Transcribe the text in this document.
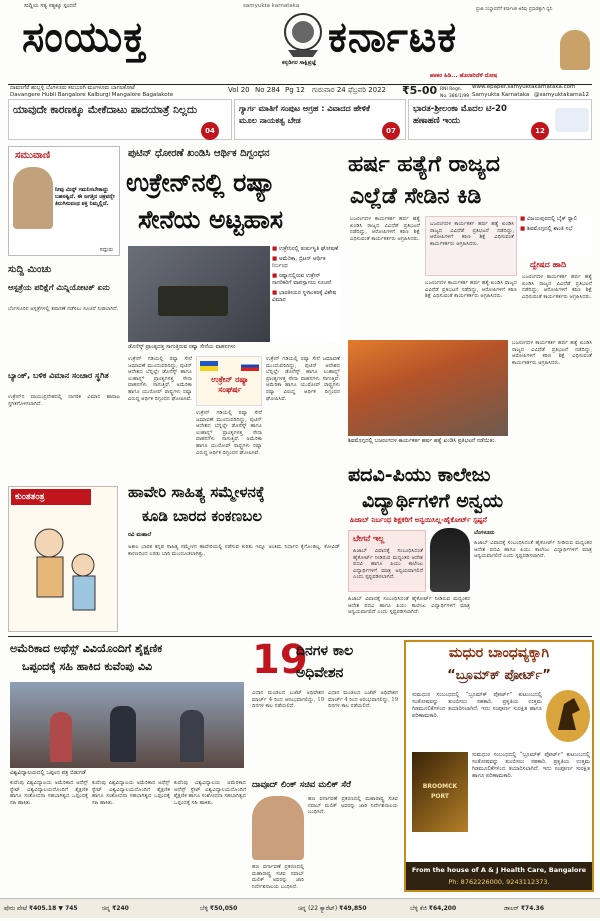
ಸುದ್ದಿಯ ಸತ್ಯ ಸತ್ಯಕ್ಕೂ ಸ್ಪಂದನೆ	samyukta karnataka
ಸಂಯುಕ್ತ	ಕರ್ನಾಟಕ
ಕನ್ನಡಿಗರ ಸಾಕ್ಷಿಪ್ರಜ್ಞೆ
ಹತಕರ ಹಿಡಿ... ಹೊರತರಿದೆಳೆ ದೋಷ
ದಾವಣಗೆರೆ ಹುಬ್ಬಳ್ಳಿ ಬೆಂಗಳೂರು ಕಲಬುರಗಿ ಮಂಗಳೂರು ಬಾಗಲಕೋಟೆ
Davangere Hubli Bangalore Kalburgi Mangalore Bagalakote
Vol 20 No 284 Pg 12	ಗುರುವಾರ 24 ಫೆಬ್ರವರಿ 2022	₹5-00 RNI Regn. No. 386/1/99
www.epaper.samyuktakarnataka.com
Samyukta Karnataka @samyuktakarna12
ಪ್ರಜಾ ಸಂಸ್ಥಾಪನೆಗೆ ಕರ್ನಾಟಕ ಅರಿವು ಪ್ರಸಾರಕ್ಕಾಗಿ ಧ್ವನಿ
ಯಾವುದೇ ಕಾರಣಕ್ಕೂ ಮೇಕೆದಾಟು ಪಾದಯಾತ್ರೆ ನಿಲ್ಲದು
04
ಗ್ಯಾರ್ಗ ಮಾತಿಗೆ ಸಂಪುಟ ಆಗ್ರಹ : ವಿವಾದದ ಹೇಳಿಕೆ ಮೂಲ ನಾಯಕತ್ವ ಬೇಡ
07
ಭಾರತ-ಶ್ರೀಲಂಕಾ ಮೊದಲ ಟಿ-20 ಹಣಾಹಣಿ ಇಂದು
12
ಸಮುವಾಣಿ
ನೀವು ಮಿನ್ಸ್ ಗಮನಿಸಬೇಕಾದ್ದು ಬಹಳಷ್ಟಿದೆ. ಈ ಜಗತ್ತಿನ ಚಕ್ರವನ್ನೇ ತಿರುಗಿಸುವಂಥ ಶಕ್ತಿ ನಿಮ್ಮಲ್ಲಿದೆ.
ಸದ್ಗುರು
ಪುಟಿನ್ ಧೋರಣೆ ಖಂಡಿಸಿ ಆರ್ಥಿಕ ದಿಗ್ಬಂಧನ
ಉಕ್ರೇನ್‌ನಲ್ಲಿ ರಷ್ಯಾ
ಸೇನೆಯ ಅಟ್ಟಹಾಸ
■ ಉಕ್ರೇನಿನಲ್ಲಿ ತುರ್ತುಸ್ಥಿತಿ ಘೋಷಣೆ
■ ಅಮೆರಿಕಾ, ಬ್ರಿಟನ್ ಆರ್ಥಿಕ ನಿರ್ಬಂಧ
■ ರಷ್ಯಾದಲ್ಲಿರುವ ಉಕ್ರೇನ್ ನಾಗರಿಕರಿಗೆ ವಾಪಸ್ಸಾಗಲು ಸೂಚನೆ
■ ಭಾರತೀಯರ ಸ್ಥಳಾಂತರಕ್ಕೆ ವಿಶೇಷ ವಿಮಾನ
ಡೊನೆಸ್ಕ್ ಪ್ರಾಂತ್ಯದತ್ತ ಸಾಗುತ್ತಿರುವ ರಷ್ಯಾ ಸೇನೆಯ ವಾಹನಗಳು
ಉಕ್ರೇನ್ ಗಡಿಯಲ್ಲಿ ರಷ್ಯಾ ಸೇನೆ ಜಮಾವಣೆ ಮುಂದುವರಿದಿದ್ದು, ಪುಟಿನ್ ಆದೇಶದ ಬೆನ್ನಲ್ಲೇ ಡೊನೆಸ್ಕ್ ಹಾಗೂ ಲುಹಾನ್ಸ್ಕ್ ಪ್ರಾಂತ್ಯಗಳತ್ತ ಸೇನಾ ವಾಹನಗಳು ಸಾಗುತ್ತಿವೆ. ಅಮೆರಿಕಾ ಹಾಗೂ ಯುರೋಪ್ ರಾಷ್ಟ್ರಗಳು ರಷ್ಯಾ ವಿರುದ್ಧ ಆರ್ಥಿಕ ದಿಗ್ಬಂಧನ ಘೋಷಿಸಿವೆ.
ಉಕ್ರೇನ್ ರಷ್ಯಾ ಸಂಘರ್ಷ
ಉಕ್ರೇನ್ ಗಡಿಯಲ್ಲಿ ರಷ್ಯಾ ಸೇನೆ ಜಮಾವಣೆ ಮುಂದುವರಿದಿದ್ದು, ಪುಟಿನ್ ಆದೇಶದ ಬೆನ್ನಲ್ಲೇ ಡೊನೆಸ್ಕ್ ಹಾಗೂ ಲುಹಾನ್ಸ್ಕ್ ಪ್ರಾಂತ್ಯಗಳತ್ತ ಸೇನಾ ವಾಹನಗಳು ಸಾಗುತ್ತಿವೆ. ಅಮೆರಿಕಾ ಹಾಗೂ ಯುರೋಪ್ ರಾಷ್ಟ್ರಗಳು ರಷ್ಯಾ ವಿರುದ್ಧ ಆರ್ಥಿಕ ದಿಗ್ಬಂಧನ ಘೋಷಿಸಿವೆ.
ಉಕ್ರೇನ್ ಗಡಿಯಲ್ಲಿ ರಷ್ಯಾ ಸೇನೆ ಜಮಾವಣೆ ಮುಂದುವರಿದಿದ್ದು, ಪುಟಿನ್ ಆದೇಶದ ಬೆನ್ನಲ್ಲೇ ಡೊನೆಸ್ಕ್ ಹಾಗೂ ಲುಹಾನ್ಸ್ಕ್ ಪ್ರಾಂತ್ಯಗಳತ್ತ ಸೇನಾ ವಾಹನಗಳು ಸಾಗುತ್ತಿವೆ. ಅಮೆರಿಕಾ ಹಾಗೂ ಯುರೋಪ್ ರಾಷ್ಟ್ರಗಳು ರಷ್ಯಾ ವಿರುದ್ಧ ಆರ್ಥಿಕ ದಿಗ್ಬಂಧನ ಘೋಷಿಸಿವೆ.
ಹರ್ಷ ಹತ್ಯೆಗೆ ರಾಜ್ಯದ
ಎಲ್ಲೆಡೆ ಸೇಡಿನ ಕಿಡಿ
ಬಜರಂಗದಳ ಕಾರ್ಯಕರ್ತ ಹರ್ಷ ಹತ್ಯೆ ಖಂಡಿಸಿ ರಾಜ್ಯದ ವಿವಿಧೆಡೆ ಪ್ರತಿಭಟನೆ ನಡೆದಿದ್ದು, ಆರೋಪಿಗಳಿಗೆ ಕಠಿಣ ಶಿಕ್ಷೆ ವಿಧಿಸುವಂತೆ ಕಾರ್ಯಕರ್ತರು ಆಗ್ರಹಿಸಿದರು.
ಬಜರಂಗದಳ ಕಾರ್ಯಕರ್ತ ಹರ್ಷ ಹತ್ಯೆ ಖಂಡಿಸಿ ರಾಜ್ಯದ ವಿವಿಧೆಡೆ ಪ್ರತಿಭಟನೆ ನಡೆದಿದ್ದು, ಆರೋಪಿಗಳಿಗೆ ಕಠಿಣ ಶಿಕ್ಷೆ ವಿಧಿಸುವಂತೆ ಕಾರ್ಯಕರ್ತರು ಆಗ್ರಹಿಸಿದರು.
ಬಜರಂಗದಳ ಕಾರ್ಯಕರ್ತ ಹರ್ಷ ಹತ್ಯೆ ಖಂಡಿಸಿ ರಾಜ್ಯದ ವಿವಿಧೆಡೆ ಪ್ರತಿಭಟನೆ ನಡೆದಿದ್ದು, ಆರೋಪಿಗಳಿಗೆ ಕಠಿಣ ಶಿಕ್ಷೆ ವಿಧಿಸುವಂತೆ ಕಾರ್ಯಕರ್ತರು ಆಗ್ರಹಿಸಿದರು.
■ ವಿಜಯಪುರದಲ್ಲಿ ಬೈಕ್ ರ್‍ಯಾಲಿ
■ ಶಿವಮೊಗ್ಗದಲ್ಲಿ ಶಾಂತಿ ಸಭೆ
ದ್ವೇಷದ ಹಾದಿ
ಬಜರಂಗದಳ ಕಾರ್ಯಕರ್ತ ಹರ್ಷ ಹತ್ಯೆ ಖಂಡಿಸಿ ರಾಜ್ಯದ ವಿವಿಧೆಡೆ ಪ್ರತಿಭಟನೆ ನಡೆದಿದ್ದು, ಆರೋಪಿಗಳಿಗೆ ಕಠಿಣ ಶಿಕ್ಷೆ ವಿಧಿಸುವಂತೆ ಕಾರ್ಯಕರ್ತರು ಆಗ್ರಹಿಸಿದರು.
ಶಿವಮೊಗ್ಗದಲ್ಲಿ ಬಜರಂಗದಳ ಕಾರ್ಯಕರ್ತ ಹರ್ಷ ಹತ್ಯೆ ಖಂಡಿಸಿ ಪ್ರತಿಭಟನೆ ನಡೆಯಿತು.
ಬಜರಂಗದಳ ಕಾರ್ಯಕರ್ತ ಹರ್ಷ ಹತ್ಯೆ ಖಂಡಿಸಿ ರಾಜ್ಯದ ವಿವಿಧೆಡೆ ಪ್ರತಿಭಟನೆ ನಡೆದಿದ್ದು, ಆರೋಪಿಗಳಿಗೆ ಕಠಿಣ ಶಿಕ್ಷೆ ವಿಧಿಸುವಂತೆ ಕಾರ್ಯಕರ್ತರು ಆಗ್ರಹಿಸಿದರು.
ಸುದ್ದಿ ಮಿಂಚು
ಆಸ್ಪತ್ರೆಯ ಪರಿಕ್ಷೆಗೆ ಮಿನ್ನಿಯೋಟಕ್ ಏನು
ಬೆಂಗಳೂರಿನ ಆಸ್ಪತ್ರೆಗಳಲ್ಲಿ ತಪಾಸಣೆ ನಡೆಸಲು ಸೂಚನೆ ನೀಡಲಾಗಿದೆ.
ಬ್ಯಾಂಕ್, ಬಳಿಕ ವಿಮಾನ ಸಂಚಾರ ಸ್ಥಗಿತ
ಉಕ್ರೇನ್‌ನ ವಾಯುಪ್ರದೇಶದಲ್ಲಿ ನಾಗರಿಕ ವಿಮಾನ ಹಾರಾಟ ಸ್ಥಗಿತಗೊಳಿಸಲಾಗಿದೆ.
ಕುಂತತಂತ್ರ	ಹಾವೇರಿ ಸಾಹಿತ್ಯ ಸಮ್ಮೇಳನಕ್ಕೆ
ಕೂಡಿ ಬಾರದ ಕಂಕಣಬಲ
ರವಿ ಮಹಾಲೆ
ಅಖಿಲ ಭಾರತ ಕನ್ನಡ ಸಾಹಿತ್ಯ ಸಮ್ಮೇಳನ ಹಾವೇರಿಯಲ್ಲಿ ನಡೆಸುವ ಕುರಿತು ಇನ್ನೂ ಅಂತಿಮ ನಿರ್ಧಾರ ಕೈಗೊಂಡಿಲ್ಲ. ಕೋವಿಡ್ ಕಾರಣದಿಂದ ಎರಡು ಬಾರಿ ಮುಂದೂಡಲಾಗಿತ್ತು.
ಪದವಿ-ಪಿಯು ಕಾಲೇಜು
ವಿದ್ಯಾರ್ಥಿಗಳಿಗೆ ಅನ್ವಯ
ಹಿಜಾಬ್ ನಿರ್ಬಂಧ ಶಿಕ್ಷಕರಿಗೆ ಅನ್ವಯಿಸಿಲ್ಲ-ಹೈಕೋರ್ಟ್ ಸ್ಪಷ್ಟನೆ
ಬೇಗನೆ ಇಲ್ಲ
ಹಿಜಾಬ್ ವಿವಾದಕ್ಕೆ ಸಂಬಂಧಿಸಿದಂತೆ ಹೈಕೋರ್ಟ್ ನೀಡಿರುವ ಮಧ್ಯಂತರ ಆದೇಶ ಪದವಿ ಹಾಗೂ ಪಿಯು ಕಾಲೇಜು ವಿದ್ಯಾರ್ಥಿಗಳಿಗೆ ಮಾತ್ರ ಅನ್ವಯವಾಗಲಿದೆ ಎಂದು ಸ್ಪಷ್ಟಪಡಿಸಲಾಗಿದೆ.
ಬೆಂಗಳೂರು
ಹಿಜಾಬ್ ವಿವಾದಕ್ಕೆ ಸಂಬಂಧಿಸಿದಂತೆ ಹೈಕೋರ್ಟ್ ನೀಡಿರುವ ಮಧ್ಯಂತರ ಆದೇಶ ಪದವಿ ಹಾಗೂ ಪಿಯು ಕಾಲೇಜು ವಿದ್ಯಾರ್ಥಿಗಳಿಗೆ ಮಾತ್ರ ಅನ್ವಯವಾಗಲಿದೆ ಎಂದು ಸ್ಪಷ್ಟಪಡಿಸಲಾಗಿದೆ.
ಹಿಜಾಬ್ ವಿವಾದಕ್ಕೆ ಸಂಬಂಧಿಸಿದಂತೆ ಹೈಕೋರ್ಟ್ ನೀಡಿರುವ ಮಧ್ಯಂತರ ಆದೇಶ ಪದವಿ ಹಾಗೂ ಪಿಯು ಕಾಲೇಜು ವಿದ್ಯಾರ್ಥಿಗಳಿಗೆ ಮಾತ್ರ ಅನ್ವಯವಾಗಲಿದೆ ಎಂದು ಸ್ಪಷ್ಟಪಡಿಸಲಾಗಿದೆ.
ಅಮೆರಿಕಾದ ಅಥೆಸ್ಸ್ ವಿವಿಯೊಂದಿಗೆ ಶೈಕ್ಷಣಿಕ
ಒಪ್ಪಂದಕ್ಕೆ ಸಹಿ ಹಾಕಿದ ಕುವೆಂಪು ವಿವಿ
ವಿಶ್ವವಿದ್ಯಾಲಯದಲ್ಲಿ ಒಪ್ಪಂದ ಪತ್ರ ಬಿಡುಗಡೆ
ಕುವೆಂಪು ವಿಶ್ವವಿದ್ಯಾಲಯ ಅಮೆರಿಕಾದ ಅಥೆಸ್ಸ್ ಸ್ಟೇಟ್ ವಿಶ್ವವಿದ್ಯಾಲಯದೊಂದಿಗೆ ಶೈಕ್ಷಣಿಕ ಹಾಗೂ ಸಂಶೋಧನಾ ಸಹಭಾಗಿತ್ವದ ಒಪ್ಪಂದಕ್ಕೆ ಸಹಿ ಹಾಕಿತು.
ಕುವೆಂಪು ವಿಶ್ವವಿದ್ಯಾಲಯ ಅಮೆರಿಕಾದ ಅಥೆಸ್ಸ್ ಸ್ಟೇಟ್ ವಿಶ್ವವಿದ್ಯಾಲಯದೊಂದಿಗೆ ಶೈಕ್ಷಣಿಕ ಹಾಗೂ ಸಂಶೋಧನಾ ಸಹಭಾಗಿತ್ವದ ಒಪ್ಪಂದಕ್ಕೆ ಸಹಿ ಹಾಕಿತು.
ಕುವೆಂಪು ವಿಶ್ವವಿದ್ಯಾಲಯ ಅಮೆರಿಕಾದ ಅಥೆಸ್ಸ್ ಸ್ಟೇಟ್ ವಿಶ್ವವಿದ್ಯಾಲಯದೊಂದಿಗೆ ಶೈಕ್ಷಣಿಕ ಹಾಗೂ ಸಂಶೋಧನಾ ಸಹಭಾಗಿತ್ವದ ಒಪ್ಪಂದಕ್ಕೆ ಸಹಿ ಹಾಕಿತು.
19
ದಿನಗಳ ಕಾಲ
ಅಧಿವೇಶನ
ವಿಧಾನ ಮಂಡಲದ ಬಜೆಟ್ ಅಧಿವೇಶನ ಮಾರ್ಚ್ 4 ರಿಂದ ಆರಂಭವಾಗಲಿದ್ದು, 19 ದಿನಗಳ ಕಾಲ ನಡೆಯಲಿದೆ.
ವಿಧಾನ ಮಂಡಲದ ಬಜೆಟ್ ಅಧಿವೇಶನ ಮಾರ್ಚ್ 4 ರಿಂದ ಆರಂಭವಾಗಲಿದ್ದು, 19 ದಿನಗಳ ಕಾಲ ನಡೆಯಲಿದೆ.
ದಾವೂದ್ ಲಿಂಕ್ ಸಚಿವ ಮಲಿಕ್ ಸೆರೆ
ಹಣ ವರ್ಗಾವಣೆ ಪ್ರಕರಣದಲ್ಲಿ ಮಹಾರಾಷ್ಟ್ರ ಸಚಿವ ನವಾಬ್ ಮಲಿಕ್ ಅವರನ್ನು ಜಾರಿ ನಿರ್ದೇಶನಾಲಯ ಬಂಧಿಸಿದೆ.
ಹಣ ವರ್ಗಾವಣೆ ಪ್ರಕರಣದಲ್ಲಿ ಮಹಾರಾಷ್ಟ್ರ ಸಚಿವ ನವಾಬ್ ಮಲಿಕ್ ಅವರನ್ನು ಜಾರಿ ನಿರ್ದೇಶನಾಲಯ ಬಂಧಿಸಿದೆ.
ಮಧುರ ಬಾಂಧವ್ಯಕ್ಕಾಗಿ
“ಬ್ರೂಮ್‌ಕ್ ಪೋರ್ಟ್”
ಸುಮಧುರ ಸಂಬಂಧದಲ್ಲಿ “ಬ್ರೂಮ್‌ಕ್ ಪೋರ್ಟ್” ಕುಟುಂಬದಲ್ಲಿ ಸಂತೋಷವನ್ನು ತುಂಬಿಸಲು ಸಹಕಾರಿ. ಪ್ರಕೃತಿಯ ಉತ್ತಮ ಗಿಡಮೂಲಿಕೆಗಳಿಂದ ತಯಾರಿಸಲಾಗಿದೆ. ಇದು ಸಂಪೂರ್ಣ ಸುರಕ್ಷಿತ ಹಾಗೂ ಪರಿಣಾಮಕಾರಿ.
BROOMCK PORT
ಸುಮಧುರ ಸಂಬಂಧದಲ್ಲಿ “ಬ್ರೂಮ್‌ಕ್ ಪೋರ್ಟ್” ಕುಟುಂಬದಲ್ಲಿ ಸಂತೋಷವನ್ನು ತುಂಬಿಸಲು ಸಹಕಾರಿ. ಪ್ರಕೃತಿಯ ಉತ್ತಮ ಗಿಡಮೂಲಿಕೆಗಳಿಂದ ತಯಾರಿಸಲಾಗಿದೆ. ಇದು ಸಂಪೂರ್ಣ ಸುರಕ್ಷಿತ ಹಾಗೂ ಪರಿಣಾಮಕಾರಿ.
From the house of A & J Health Care, Bangalore
Ph: 8762226000, 9243112373.
ಷೇರು ಪೇಟೆ ₹405.18 ▼ 745	ಚಿನ್ನ ₹240	ಬೆಳ್ಳಿ ₹50,050	ಚಿನ್ನ (22 ಕ್ಯಾರೆಟ್) ₹49,850	ಬೆಳ್ಳಿ ಕೆಜಿ ₹64,200	ಡಾಲರ್ ₹74.36
